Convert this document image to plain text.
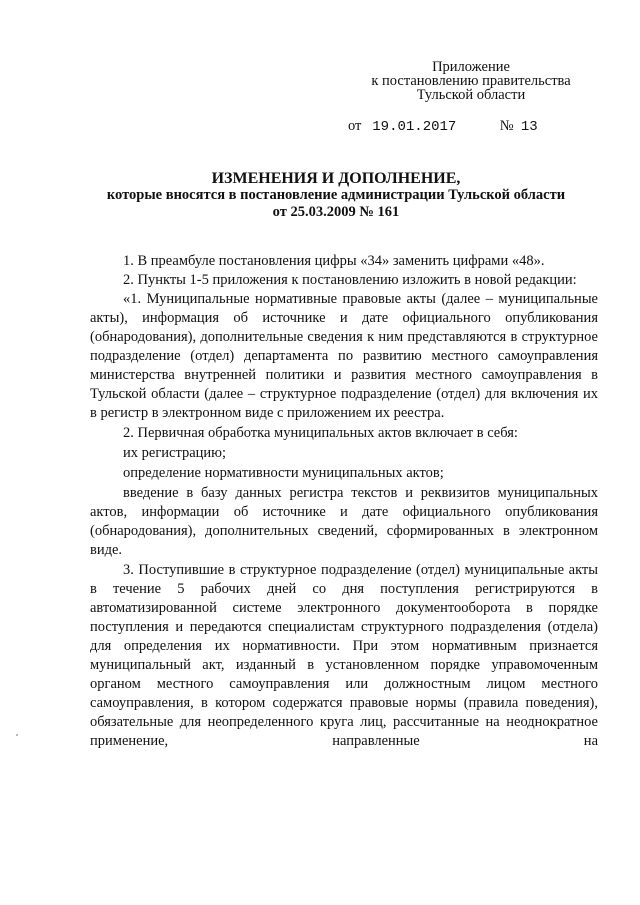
Приложение
к постановлению правительства
Тульской области
от 19.01.2017	№ 13
ИЗМЕНЕНИЯ И ДОПОЛНЕНИЕ,
которые вносятся в постановление администрации Тульской области
от 25.03.2009 № 161

1. В преамбуле постановления цифры «34» заменить цифрами «48».

2. Пункты 1-5 приложения к постановлению изложить в новой редакции:

«1. Муниципальные нормативные правовые акты (далее – муниципальные акты), информация об источнике и дате официального опубликования (обнародования), дополнительные сведения к ним представляются в структурное подразделение (отдел) департамента по развитию местного самоуправления министерства внутренней политики и развития местного самоуправления в Тульской области (далее – структурное подразделение (отдел) для включения их в регистр в электронном виде с приложением их реестра.

2. Первичная обработка муниципальных актов включает в себя:

их регистрацию;

определение нормативности муниципальных актов;

введение в базу данных регистра текстов и реквизитов муниципальных актов, информации об источнике и дате официального опубликования (обнародования), дополнительных сведений, сформированных в электронном виде.

3. Поступившие в структурное подразделение (отдел) муниципальные акты в течение 5 рабочих дней со дня поступления регистрируются в автоматизированной системе электронного документооборота в порядке поступления и передаются специалистам структурного подразделения (отдела) для определения их нормативности. При этом нормативным признается муниципальный акт, изданный в установленном порядке управомоченным органом местного самоуправления или должностным лицом местного самоуправления, в котором содержатся правовые нормы (правила поведения), обязательные для неопределенного круга лиц, рассчитанные на неоднократное применение, направленные на
